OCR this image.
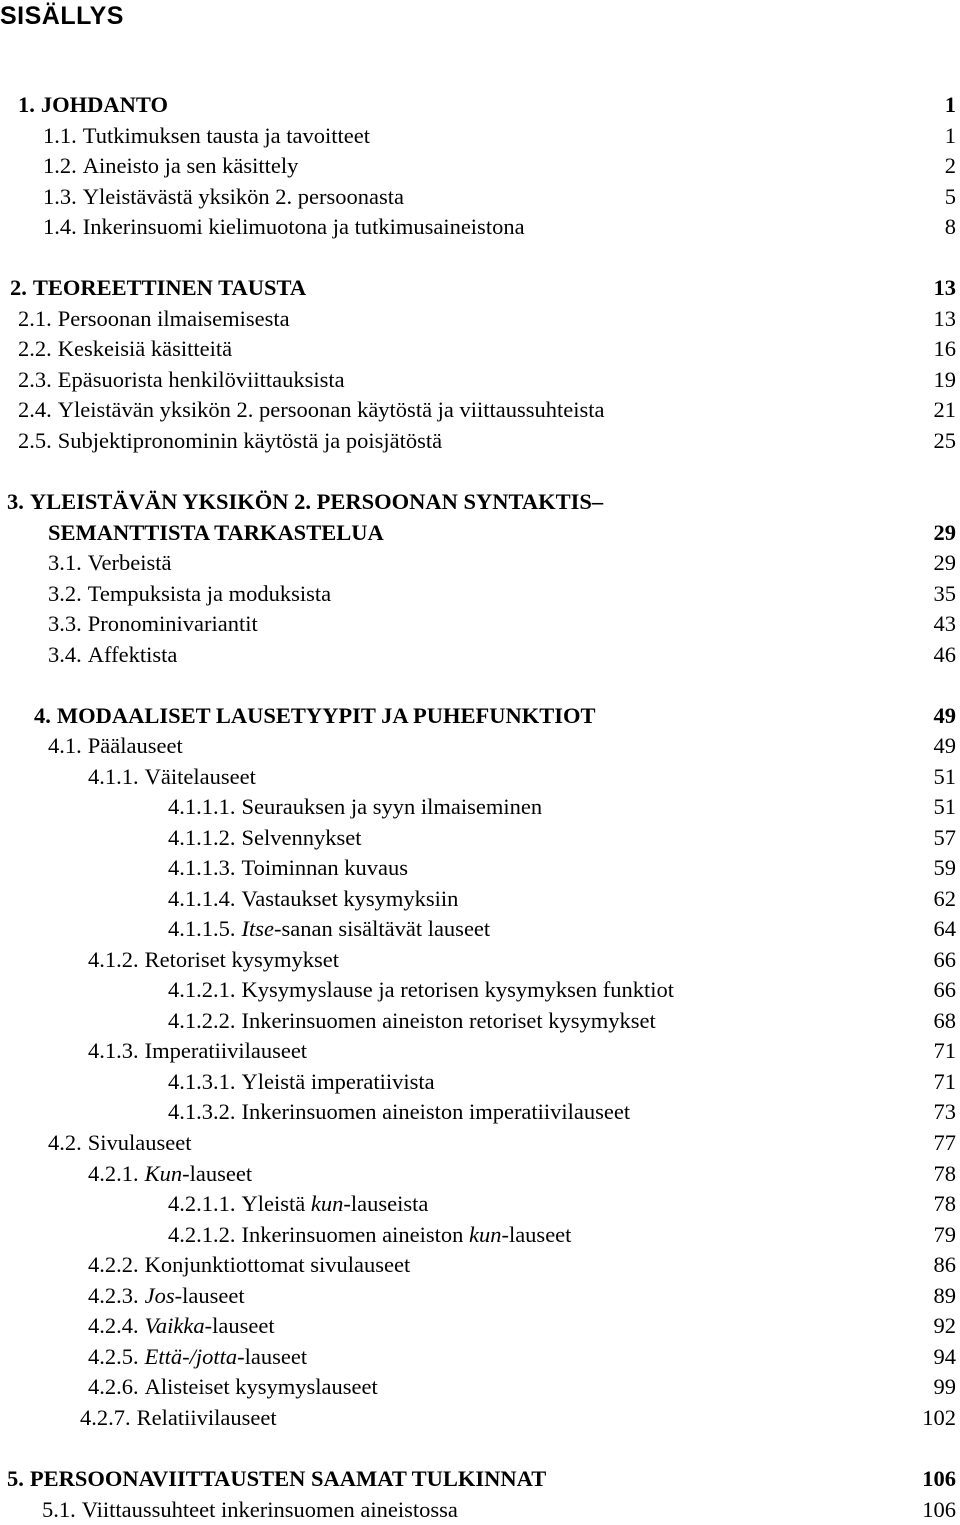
SISÄLLYS
1. JOHDANTO	1
1.1. Tutkimuksen tausta ja tavoitteet	1
1.2. Aineisto ja sen käsittely	2
1.3. Yleistävästä yksikön 2. persoonasta	5
1.4. Inkerinsuomi kielimuotona ja tutkimusaineistona	8
2. TEOREETTINEN TAUSTA	13
2.1. Persoonan ilmaisemisesta	13
2.2. Keskeisiä käsitteitä	16
2.3. Epäsuorista henkilöviittauksista	19
2.4. Yleistävän yksikön 2. persoonan käytöstä ja viittaussuhteista	21
2.5. Subjektipronominin käytöstä ja poisjätöstä	25
3. YLEISTÄVÄN YKSIKÖN 2. PERSOONAN SYNTAKTIS–
SEMANTTISTA TARKASTELUA	29
3.1. Verbeistä	29
3.2. Tempuksista ja moduksista	35
3.3. Pronominivariantit	43
3.4. Affektista	46
4. MODAALISET LAUSETYYPIT JA PUHEFUNKTIOT	49
4.1. Päälauseet	49
4.1.1. Väitelauseet	51
4.1.1.1. Seurauksen ja syyn ilmaiseminen	51
4.1.1.2. Selvennykset	57
4.1.1.3. Toiminnan kuvaus	59
4.1.1.4. Vastaukset kysymyksiin	62
4.1.1.5. Itse-sanan sisältävät lauseet	64
4.1.2. Retoriset kysymykset	66
4.1.2.1. Kysymyslause ja retorisen kysymyksen funktiot	66
4.1.2.2. Inkerinsuomen aineiston retoriset kysymykset	68
4.1.3. Imperatiivilauseet	71
4.1.3.1. Yleistä imperatiivista	71
4.1.3.2. Inkerinsuomen aineiston imperatiivilauseet	73
4.2. Sivulauseet	77
4.2.1. Kun-lauseet	78
4.2.1.1. Yleistä kun-lauseista	78
4.2.1.2. Inkerinsuomen aineiston kun-lauseet	79
4.2.2. Konjunktiottomat sivulauseet	86
4.2.3. Jos-lauseet	89
4.2.4. Vaikka-lauseet	92
4.2.5. Että-/jotta-lauseet	94
4.2.6. Alisteiset kysymyslauseet	99
4.2.7. Relatiivilauseet	102
5. PERSOONAVIITTAUSTEN SAAMAT TULKINNAT	106
5.1. Viittaussuhteet inkerinsuomen aineistossa	106
